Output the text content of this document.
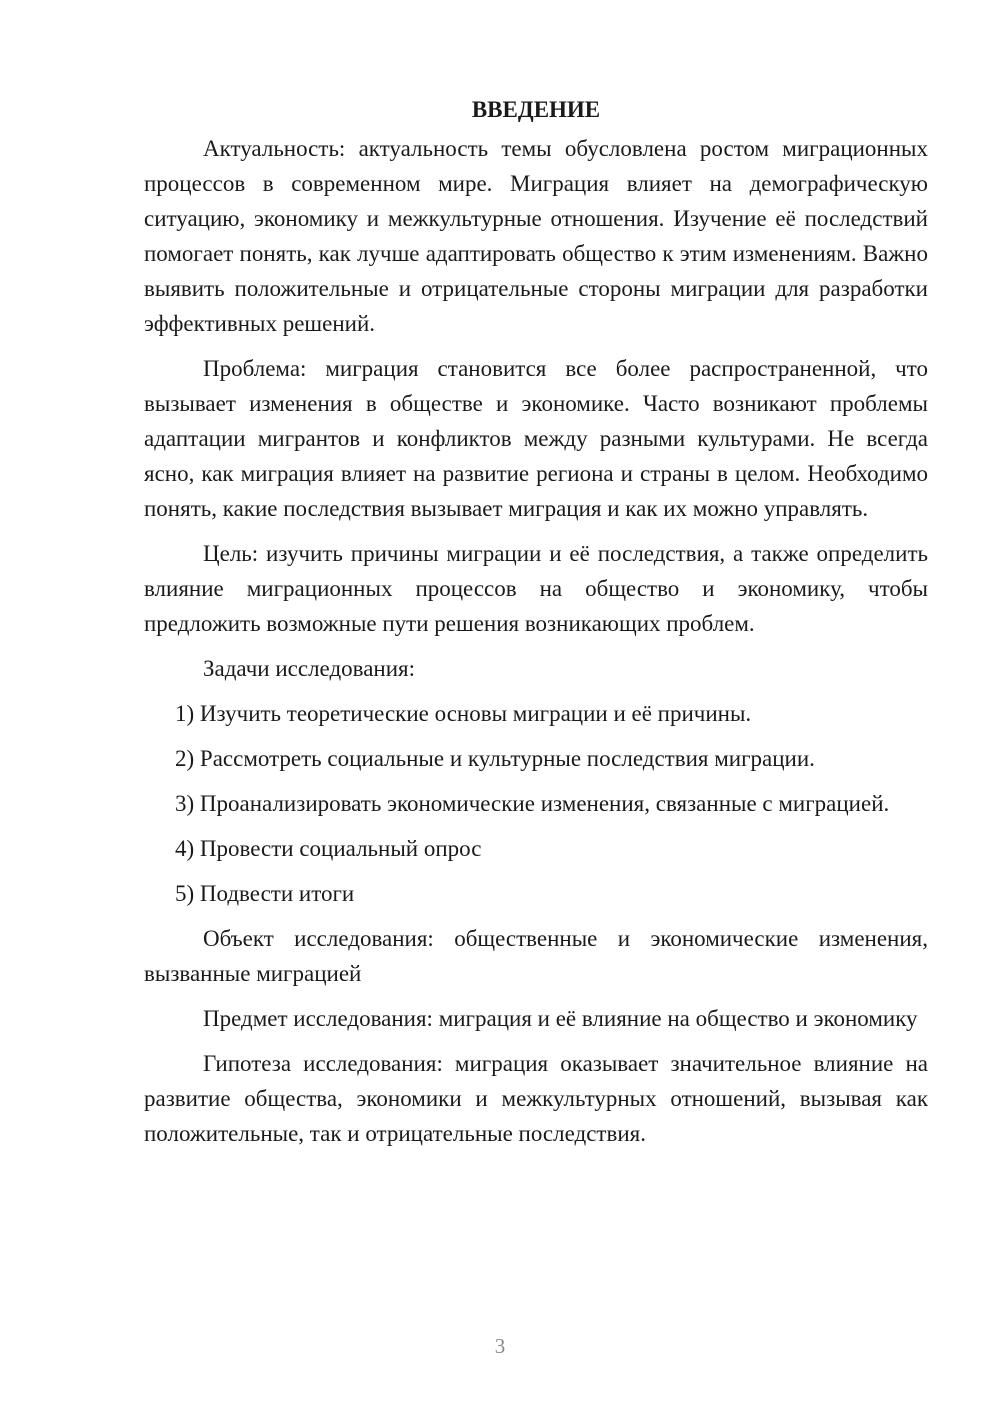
ВВЕДЕНИЕ

Актуальность: актуальность темы обусловлена ростом миграционных процессов в современном мире. Миграция влияет на демографическую ситуацию, экономику и межкультурные отношения. Изучение её последствий помогает понять, как лучше адаптировать общество к этим изменениям. Важно выявить положительные и отрицательные стороны миграции для разработки эффективных решений.

Проблема: миграция становится все более распространенной, что вызывает изменения в обществе и экономике. Часто возникают проблемы адаптации мигрантов и конфликтов между разными культурами. Не всегда ясно, как миграция влияет на развитие региона и страны в целом. Необходимо понять, какие последствия вызывает миграция и как их можно управлять.

Цель: изучить причины миграции и её последствия, а также определить влияние миграционных процессов на общество и экономику, чтобы предложить возможные пути решения возникающих проблем.

Задачи исследования:

1) Изучить теоретические основы миграции и её причины.

2) Рассмотреть социальные и культурные последствия миграции.

3) Проанализировать экономические изменения, связанные с миграцией.

4) Провести социальный опрос

5) Подвести итоги

Объект исследования: общественные и экономические изменения, вызванные миграцией

Предмет исследования: миграция и её влияние на общество и экономику

Гипотеза исследования: миграция оказывает значительное влияние на развитие общества, экономики и межкультурных отношений, вызывая как положительные, так и отрицательные последствия.

3
